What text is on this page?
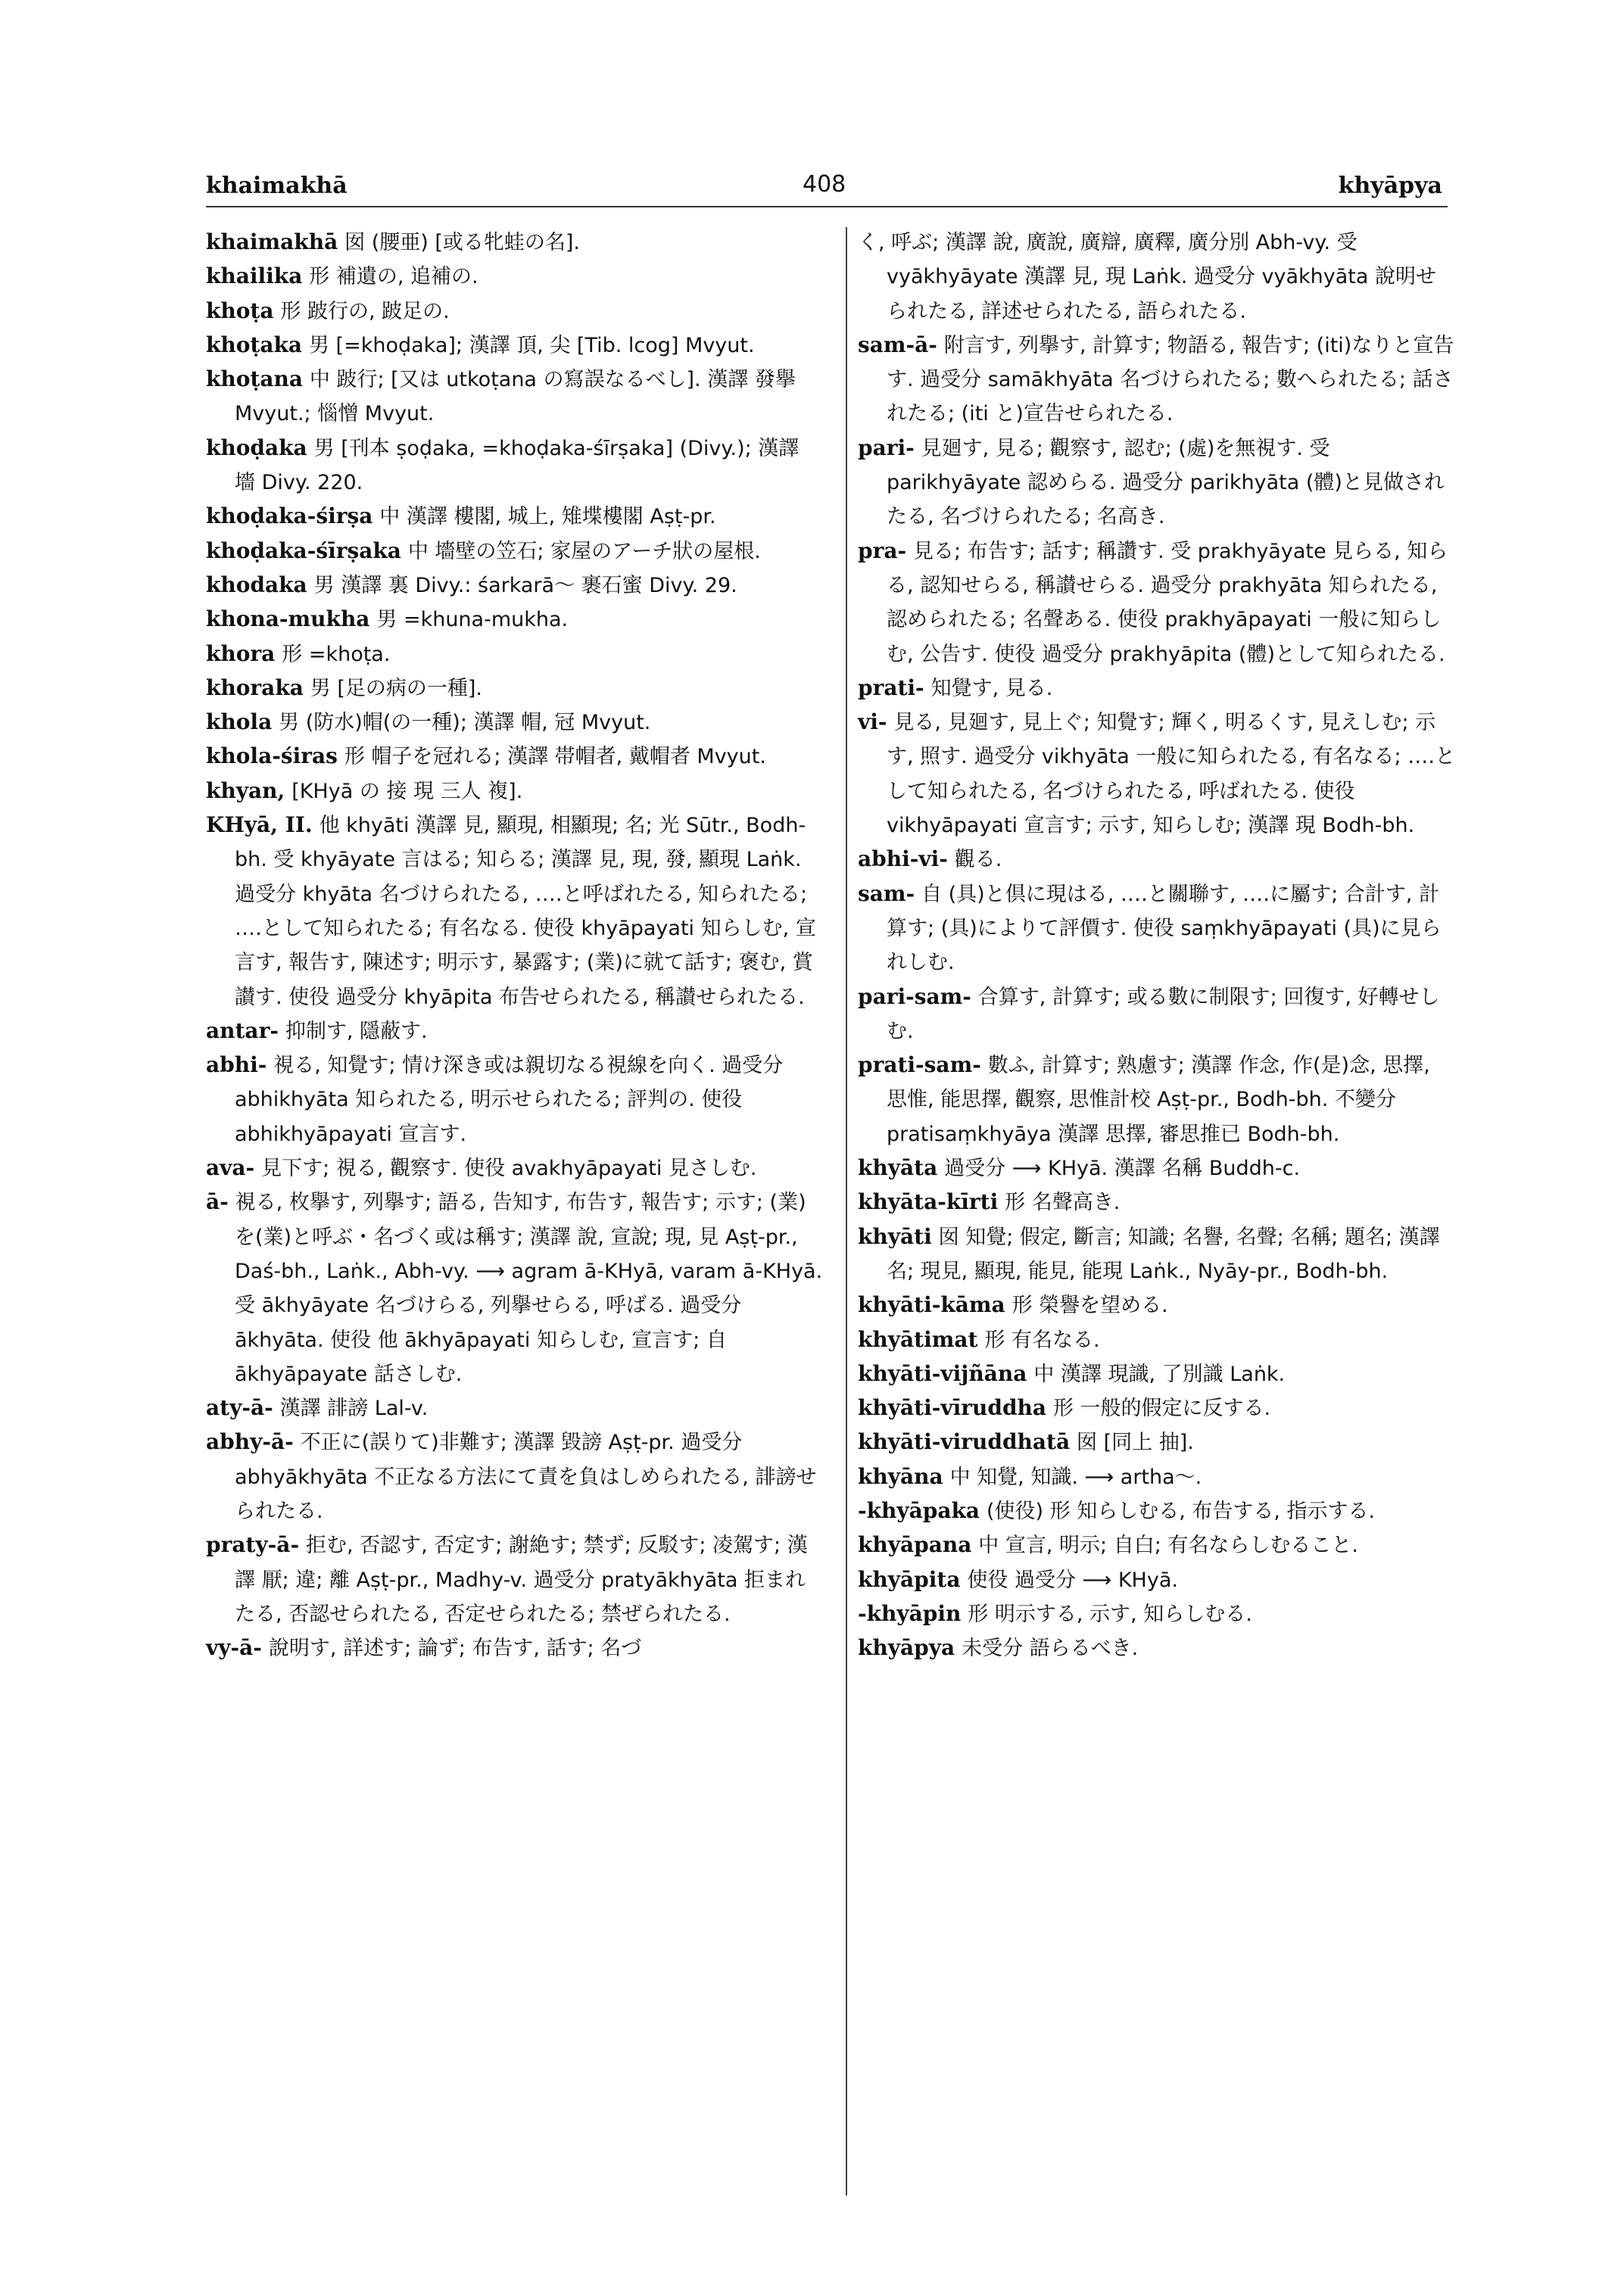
khaimakhā	408	khyāpya

khaimakhā 囡 (腰亜) [或る牝蛙の名].

khailika 形 補遺の, 追補の.

khoṭa 形 跛行の, 跛足の.

khoṭaka 男 [=khoḍaka]; 漢譯 頂, 尖 [Tib. lcog] Mvyut.

khoṭana 中 跛行; [又は utkoṭana の寫誤なるべし]. 漢譯 發擧 Mvyut.; 惱憎 Mvyut.

khoḍaka 男 [刊本 ṣoḍaka, =khoḍaka-śīrṣaka] (Divy.); 漢譯 墻 Divy. 220.

khoḍaka-śirṣa 中 漢譯 樓閣, 城上, 雉堞樓閣 Aṣṭ-pr.

khoḍaka-śīrṣaka 中 墻壁の笠石; 家屋のアーチ狀の屋根.

khodaka 男 漢譯 裏 Divy.: śarkarā〜 裹石蜜 Divy. 29.

khona-mukha 男 =khuna-mukha.

khora 形 =khoṭa.

khoraka 男 [足の病の一種].

khola 男 (防水)帽(の一種); 漢譯 帽, 冠 Mvyut.

khola-śiras 形 帽子を冠れる; 漢譯 帯帽者, 戴帽者 Mvyut.

khyan, [KHyā の 接 現 三人 複].

KHyā, II. 他 khyāti 漢譯 見, 顯現, 相顯現; 名; 光 Sūtr., Bodh-bh. 受 khyāyate 言はる; 知らる; 漢譯 見, 現, 發, 顯現 Laṅk. 過受分 khyāta 名づけられたる, ‥‥と呼ばれたる, 知られたる; ‥‥として知られたる; 有名なる. 使役 khyāpayati 知らしむ, 宣言す, 報告す, 陳述す; 明示す, 暴露す; (業)に就て話す; 褒む, 賞讃す. 使役 過受分 khyāpita 布告せられたる, 稱讃せられたる.

antar- 抑制す, 隱蔽す.

abhi- 視る, 知覺す; 情け深き或は親切なる視線を向く. 過受分 abhikhyāta 知られたる, 明示せられたる; 評判の. 使役 abhikhyāpayati 宣言す.

ava- 見下す; 視る, 觀察す. 使役 avakhyāpayati 見さしむ.

ā- 視る, 枚擧す, 列擧す; 語る, 告知す, 布告す, 報告す; 示す; (業)を(業)と呼ぶ・名づく或は稱す; 漢譯 說, 宣說; 現, 見 Aṣṭ-pr., Daś-bh., Laṅk., Abh-vy. ⟶ agram ā-KHyā, varam ā-KHyā. 受 ākhyāyate 名づけらる, 列擧せらる, 呼ばる. 過受分 ākhyāta. 使役 他 ākhyāpayati 知らしむ, 宣言す; 自 ākhyāpayate 話さしむ.

aty-ā- 漢譯 誹謗 Lal-v.

abhy-ā- 不正に(誤りて)非難す; 漢譯 毀謗 Aṣṭ-pr. 過受分 abhyākhyāta 不正なる方法にて責を負はしめられたる, 誹謗せられたる.

praty-ā- 拒む, 否認す, 否定す; 謝絶す; 禁ず; 反駁す; 凌駕す; 漢譯 厭; 違; 離 Aṣṭ-pr., Madhy-v. 過受分 pratyākhyāta 拒まれたる, 否認せられたる, 否定せられたる; 禁ぜられたる.

vy-ā- 說明す, 詳述す; 論ず; 布告す, 話す; 名づ

く, 呼ぶ; 漢譯 說, 廣說, 廣辯, 廣釋, 廣分別 Abh-vy. 受 vyākhyāyate 漢譯 見, 現 Laṅk. 過受分 vyākhyāta 說明せられたる, 詳述せられたる, 語られたる.

sam-ā- 附言す, 列擧す, 計算す; 物語る, 報告す; (iti)なりと宣告す. 過受分 samākhyāta 名づけられたる; 數へられたる; 話されたる; (iti と)宣告せられたる.

pari- 見廻す, 見る; 觀察す, 認む; (處)を無視す. 受 parikhyāyate 認めらる. 過受分 parikhyāta (體)と見做されたる, 名づけられたる; 名高き.

pra- 見る; 布告す; 話す; 稱讚す. 受 prakhyāyate 見らる, 知らる, 認知せらる, 稱讃せらる. 過受分 prakhyāta 知られたる, 認められたる; 名聲ある. 使役 prakhyāpayati 一般に知らしむ, 公告す. 使役 過受分 prakhyāpita (體)として知られたる.

prati- 知覺す, 見る.

vi- 見る, 見廻す, 見上ぐ; 知覺す; 輝く, 明るくす, 見えしむ; 示す, 照す. 過受分 vikhyāta 一般に知られたる, 有名なる; ‥‥として知られたる, 名づけられたる, 呼ばれたる. 使役 vikhyāpayati 宣言す; 示す, 知らしむ; 漢譯 現 Bodh-bh.

abhi-vi- 觀る.

sam- 自 (具)と倶に現はる, ‥‥と關聯す, ‥‥に屬す; 合計す, 計算す; (具)によりて評價す. 使役 saṃkhyāpayati (具)に見られしむ.

pari-sam- 合算す, 計算す; 或る數に制限す; 回復す, 好轉せしむ.

prati-sam- 數ふ, 計算す; 熟慮す; 漢譯 作念, 作(是)念, 思擇, 思惟, 能思擇, 觀察, 思惟計校 Aṣṭ-pr., Bodh-bh. 不變分 pratisaṃkhyāya 漢譯 思擇, 審思推已 Bodh-bh.

khyāta 過受分 ⟶ KHyā. 漢譯 名稱 Buddh-c.

khyāta-kīrti 形 名聲高き.

khyāti 囡 知覺; 假定, 斷言; 知識; 名譽, 名聲; 名稱; 題名; 漢譯 名; 現見, 顯現, 能見, 能現 Laṅk., Nyāy-pr., Bodh-bh.

khyāti-kāma 形 榮譽を望める.

khyātimat 形 有名なる.

khyāti-vijñāna 中 漢譯 現識, 了別識 Laṅk.

khyāti-vīruddha 形 一般的假定に反する.

khyāti-viruddhatā 囡 [同上 抽].

khyāna 中 知覺, 知識. ⟶ artha〜.

-khyāpaka (使役) 形 知らしむる, 布告する, 指示する.

khyāpana 中 宣言, 明示; 自白; 有名ならしむること.

khyāpita 使役 過受分 ⟶ KHyā.

-khyāpin 形 明示する, 示す, 知らしむる.

khyāpya 未受分 語らるべき.
